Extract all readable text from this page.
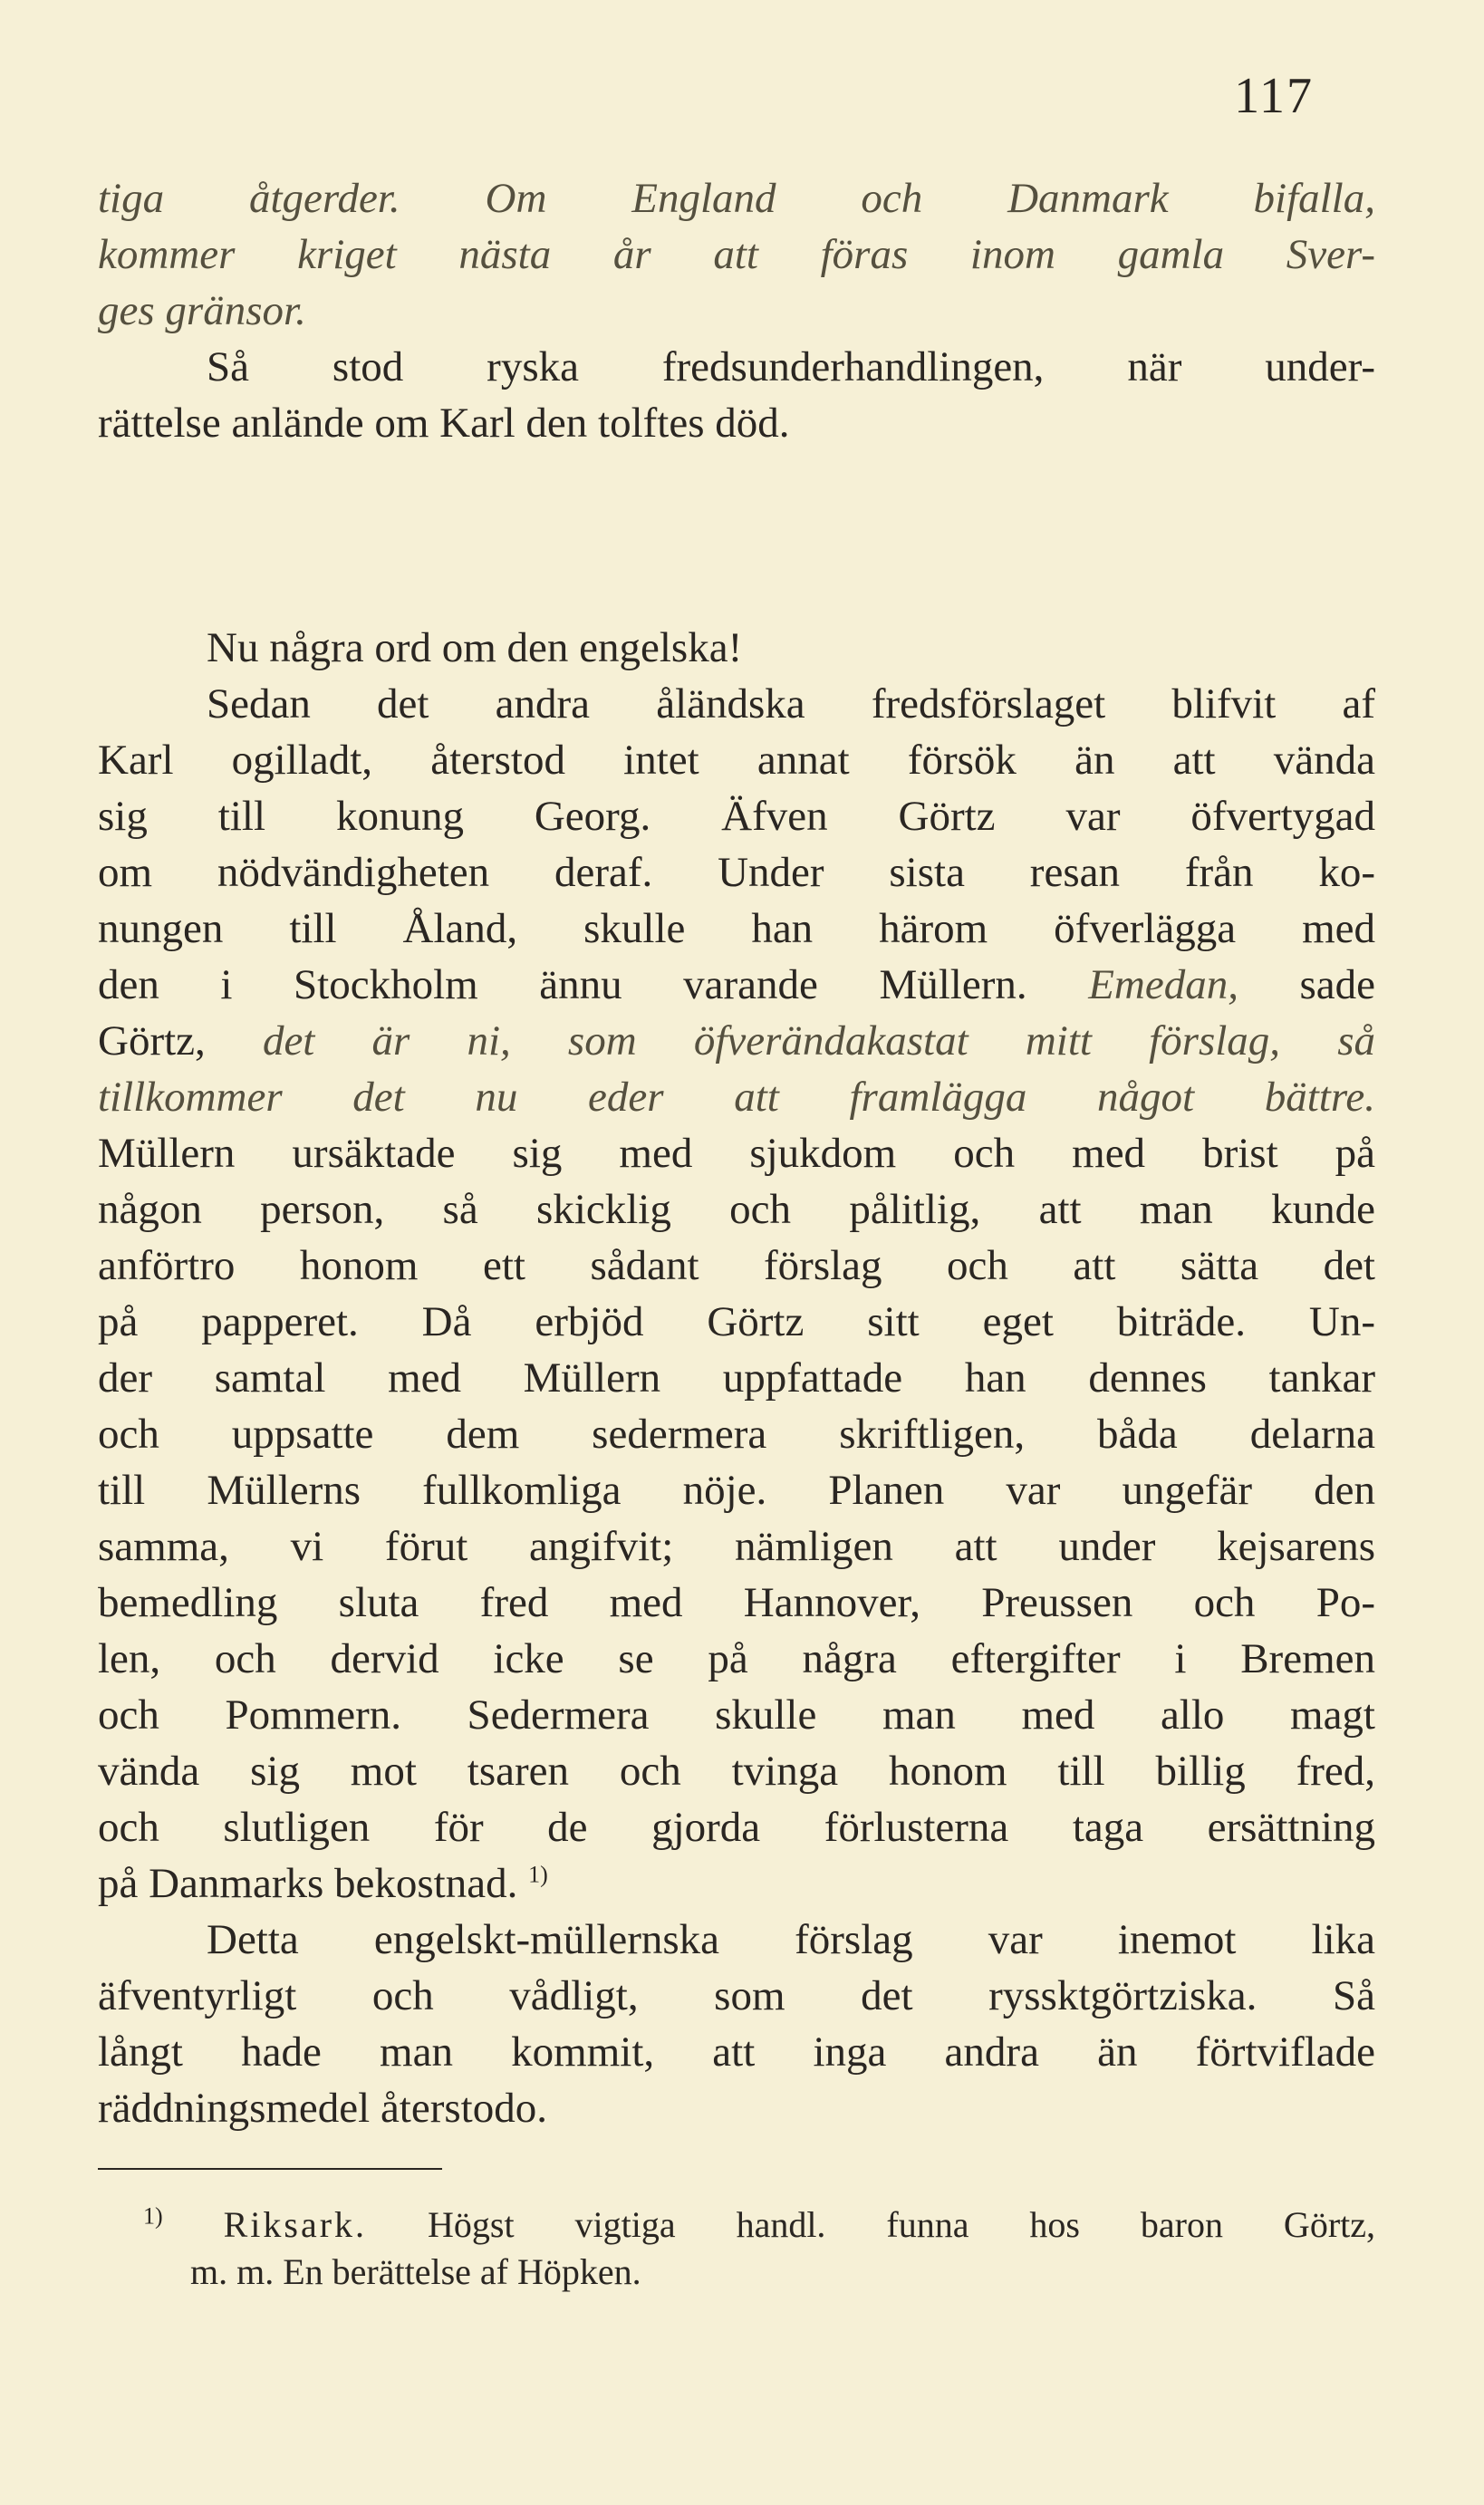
117
tiga åtgerder. Om England och Danmark bifalla,
kommer kriget nästa år att föras inom gamla Sver-
ges gränsor.
Så stod ryska fredsunderhandlingen, när under-
rättelse anlände om Karl den tolftes död.
Nu några ord om den engelska!
Sedan det andra åländska fredsförslaget blifvit af
Karl ogilladt, återstod intet annat försök än att vända
sig till konung Georg. Äfven Görtz var öfvertygad
om nödvändigheten deraf. Under sista resan från ko-
nungen till Åland, skulle han härom öfverlägga med
den i Stockholm ännu varande Müllern. Emedan, sade
Görtz, det är ni, som öfverändakastat mitt förslag, så
tillkommer det nu eder att framlägga något bättre.
Müllern ursäktade sig med sjukdom och med brist på
någon person, så skicklig och pålitlig, att man kunde
anförtro honom ett sådant förslag och att sätta det
på papperet. Då erbjöd Görtz sitt eget biträde. Un-
der samtal med Müllern uppfattade han dennes tankar
och uppsatte dem sedermera skriftligen, båda delarna
till Müllerns fullkomliga nöje. Planen var ungefär den
samma, vi förut angifvit; nämligen att under kejsarens
bemedling sluta fred med Hannover, Preussen och Po-
len, och dervid icke se på några eftergifter i Bremen
och Pommern. Sedermera skulle man med allo magt
vända sig mot tsaren och tvinga honom till billig fred,
och slutligen för de gjorda förlusterna taga ersättning
på Danmarks bekostnad. $^{1)}$
Detta engelskt-müllernska förslag var inemot lika
äfventyrligt och vådligt, som det ryssktgörtziska. Så
långt hade man kommit, att inga andra än förtviflade
räddningsmedel återstodo.
$^{1)}$ Riksark. Högst vigtiga handl. funna hos baron Görtz,
m. m. En berättelse af Höpken.
